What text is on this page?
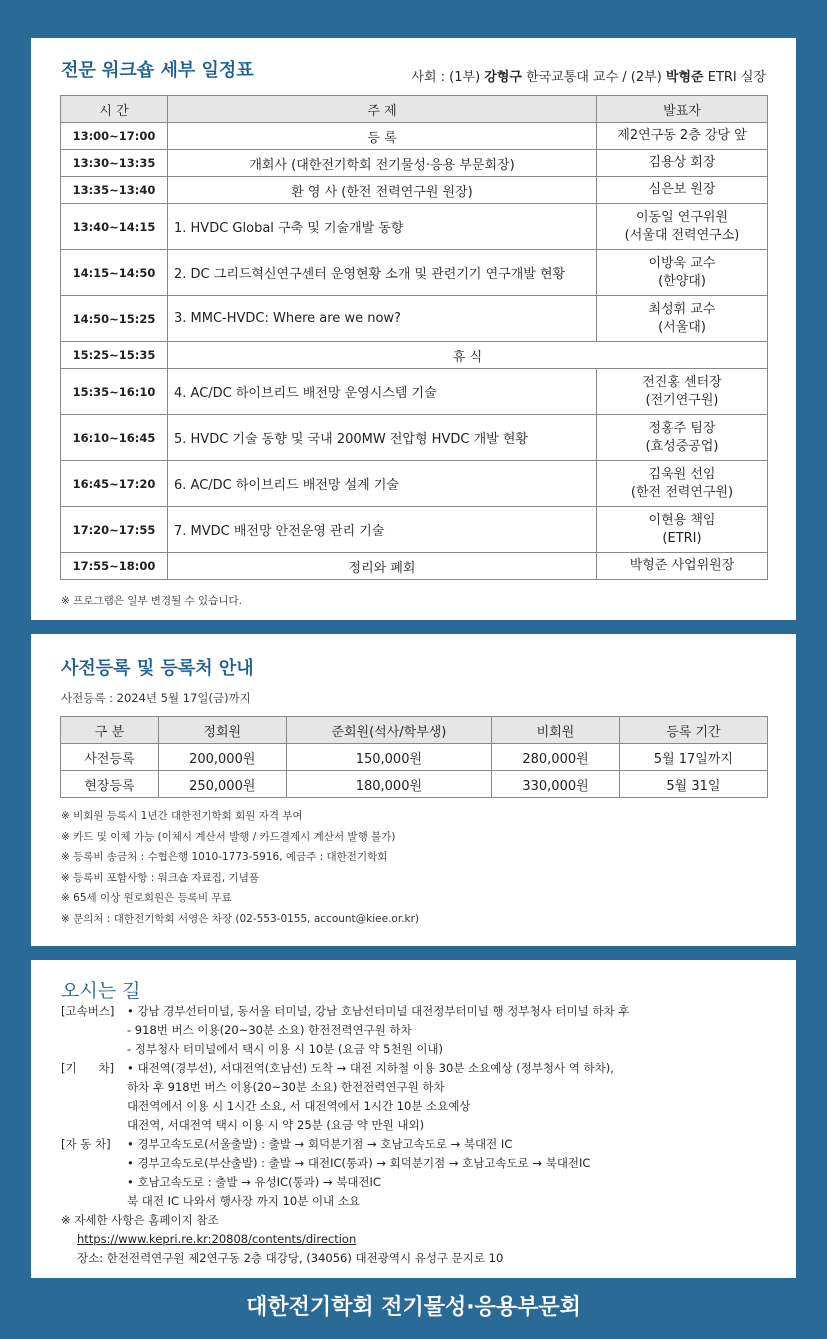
전문 워크숍 세부 일정표	사회 : (1부) 강형구 한국교통대 교수 / (2부) 박형준 ETRI 실장
시 간	주 제	발표자
13:00~17:00	등 록	제2연구동 2층 강당 앞
13:30~13:35	개회사 (대한전기학회 전기물성·응용 부문회장)	김용상 회장
13:35~13:40	환 영 사 (한전 전력연구원 원장)	심은보 원장
13:40~14:15	1. HVDC Global 구축 및 기술개발 동향	이동일 연구위원
(서울대 전력연구소)
14:15~14:50	2. DC 그리드혁신연구센터 운영현황 소개 및 관련기기 연구개발 현황	이방욱 교수
(한양대)
14:50~15:25	3. MMC-HVDC: Where are we now?	최성휘 교수
(서울대)
15:25~15:35	휴 식	
15:35~16:10	4. AC/DC 하이브리드 배전망 운영시스템 기술	전진홍 센터장
(전기연구원)
16:10~16:45	5. HVDC 기술 동향 및 국내 200MW 전압형 HVDC 개발 현황	정홍주 팀장
(효성중공업)
16:45~17:20	6. AC/DC 하이브리드 배전망 설계 기술	김욱원 선임
(한전 전력연구원)
17:20~17:55	7. MVDC 배전망 안전운영 관리 기술	이현용 책임
(ETRI)
17:55~18:00	정리와 폐회	박형준 사업위원장
※ 프로그램은 일부 변경될 수 있습니다.
사전등록 및 등록처 안내
사전등록 : 2024년 5월 17일(금)까지
구 분	정회원	준회원(석사/학부생)	비회원	등록 기간
사전등록	200,000원	150,000원	280,000원	5월 17일까지
현장등록	250,000원	180,000원	330,000원	5월 31일

※ 비회원 등록시 1년간 대한전기학회 회원 자격 부여

※ 카드 및 이체 가능 (이체시 계산서 발행 / 카드결제시 계산서 발행 불가)

※ 등록비 송금처 : 수협은행 1010-1773-5916, 예금주 : 대한전기학회

※ 등록비 포함사항 : 워크숍 자료집, 기념품

※ 65세 이상 원로회원은 등록비 무료

※ 문의처 : 대한전기학회 서영은 차장 (02-553-0155, account@kiee.or.kr)

오시는 길
[고속버스]	• 강남 경부선터미널, 동서울 터미널, 강남 호남선터미널 대전정부터미널 행 정부청사 터미널 하차 후
- 918번 버스 이용(20~30분 소요) 한전전력연구원 하차
- 정부청사 터미널에서 택시 이용 시 10분 (요금 약 5천원 이내)
[기      차]	• 대전역(경부선), 서대전역(호남선) 도착 → 대전 지하철 이용 30분 소요예상 (정부청사 역 하차),
하차 후 918번 버스 이용(20~30분 소요) 한전전력연구원 하차
대전역에서 이용 시 1시간 소요, 서 대전역에서 1시간 10분 소요예상
대전역, 서대전역 택시 이용 시 약 25분 (요금 약 만원 내외)
[자 동 차]	• 경부고속도로(서울출발) : 출발 → 회덕분기점 → 호남고속도로 → 북대전 IC
• 경부고속도로(부산출발) : 출발 → 대전IC(통과) → 회덕분기점 → 호남고속도로 → 북대전IC
• 호남고속도로 : 출발 → 유성IC(통과) → 북대전IC
북 대전 IC 나와서 행사장 까지 10분 이내 소요
※ 자세한 사항은 홈페이지 참조
https://www.kepri.re.kr:20808/contents/direction
장소: 한전전력연구원 제2연구동 2층 대강당, (34056) 대전광역시 유성구 문지로 10
대한전기학회 전기물성·응용부문회
